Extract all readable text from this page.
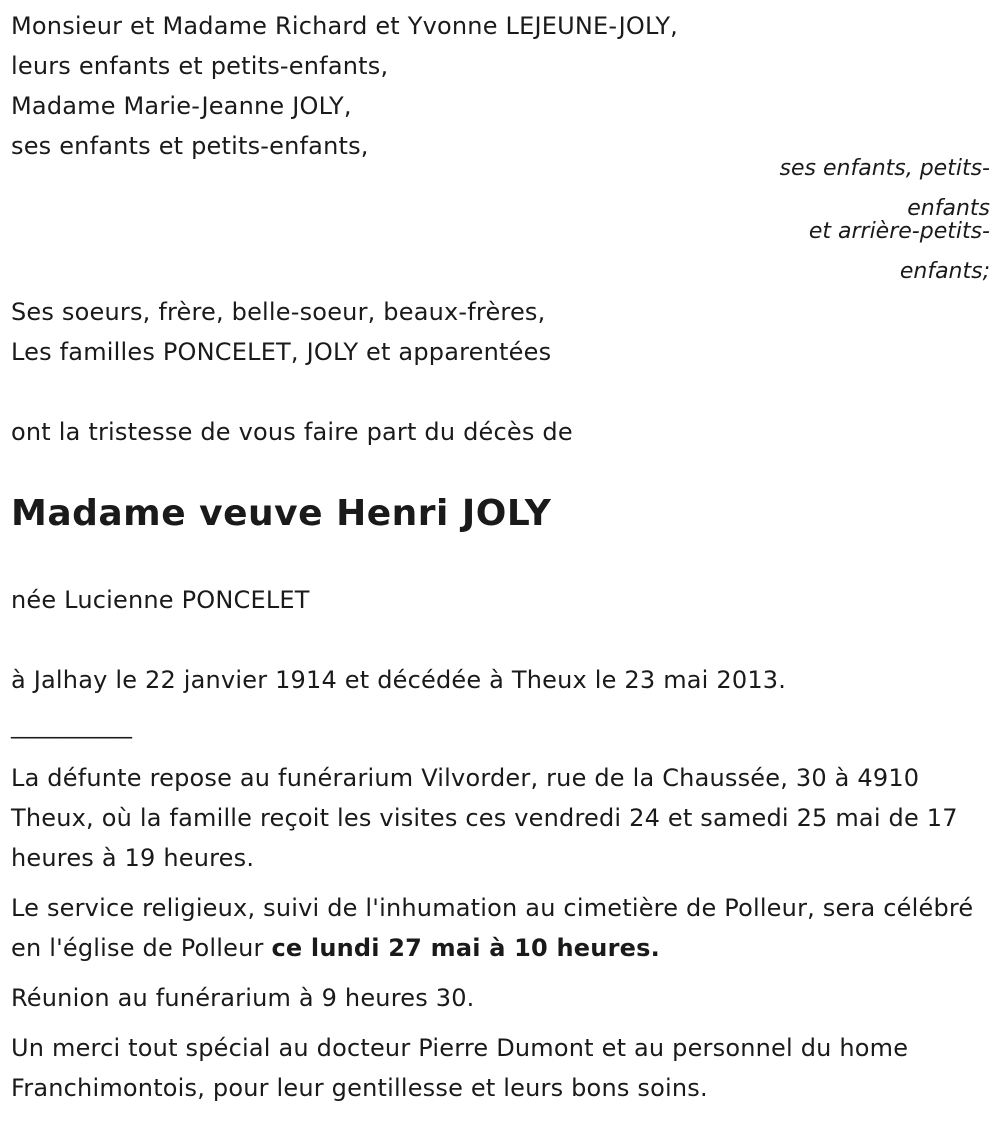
Monsieur et Madame Richard et Yvonne LEJEUNE-JOLY,
leurs enfants et petits-enfants,
Madame Marie-Jeanne JOLY,
ses enfants et petits-enfants,
ses enfants, petits-
enfants
et arrière-petits-
enfants;
Ses soeurs, frère, belle-soeur, beaux-frères,
Les familles PONCELET, JOLY et apparentées
ont la tristesse de vous faire part du décès de
Madame veuve Henri JOLY
née Lucienne PONCELET
à Jalhay le 22 janvier 1914 et décédée à Theux le 23 mai 2013.
___________
La défunte repose au funérarium Vilvorder, rue de la Chaussée, 30 à 4910 Theux, où la famille reçoit les visites ces vendredi 24 et samedi 25 mai de 17 heures à 19 heures.
Le service religieux, suivi de l'inhumation au cimetière de Polleur, sera célébré en l'église de Polleur ce lundi 27 mai à 10 heures.
Réunion au funérarium à 9 heures 30.
Un merci tout spécial au docteur Pierre Dumont et au personnel du home Franchimontois, pour leur gentillesse et leurs bons soins.
